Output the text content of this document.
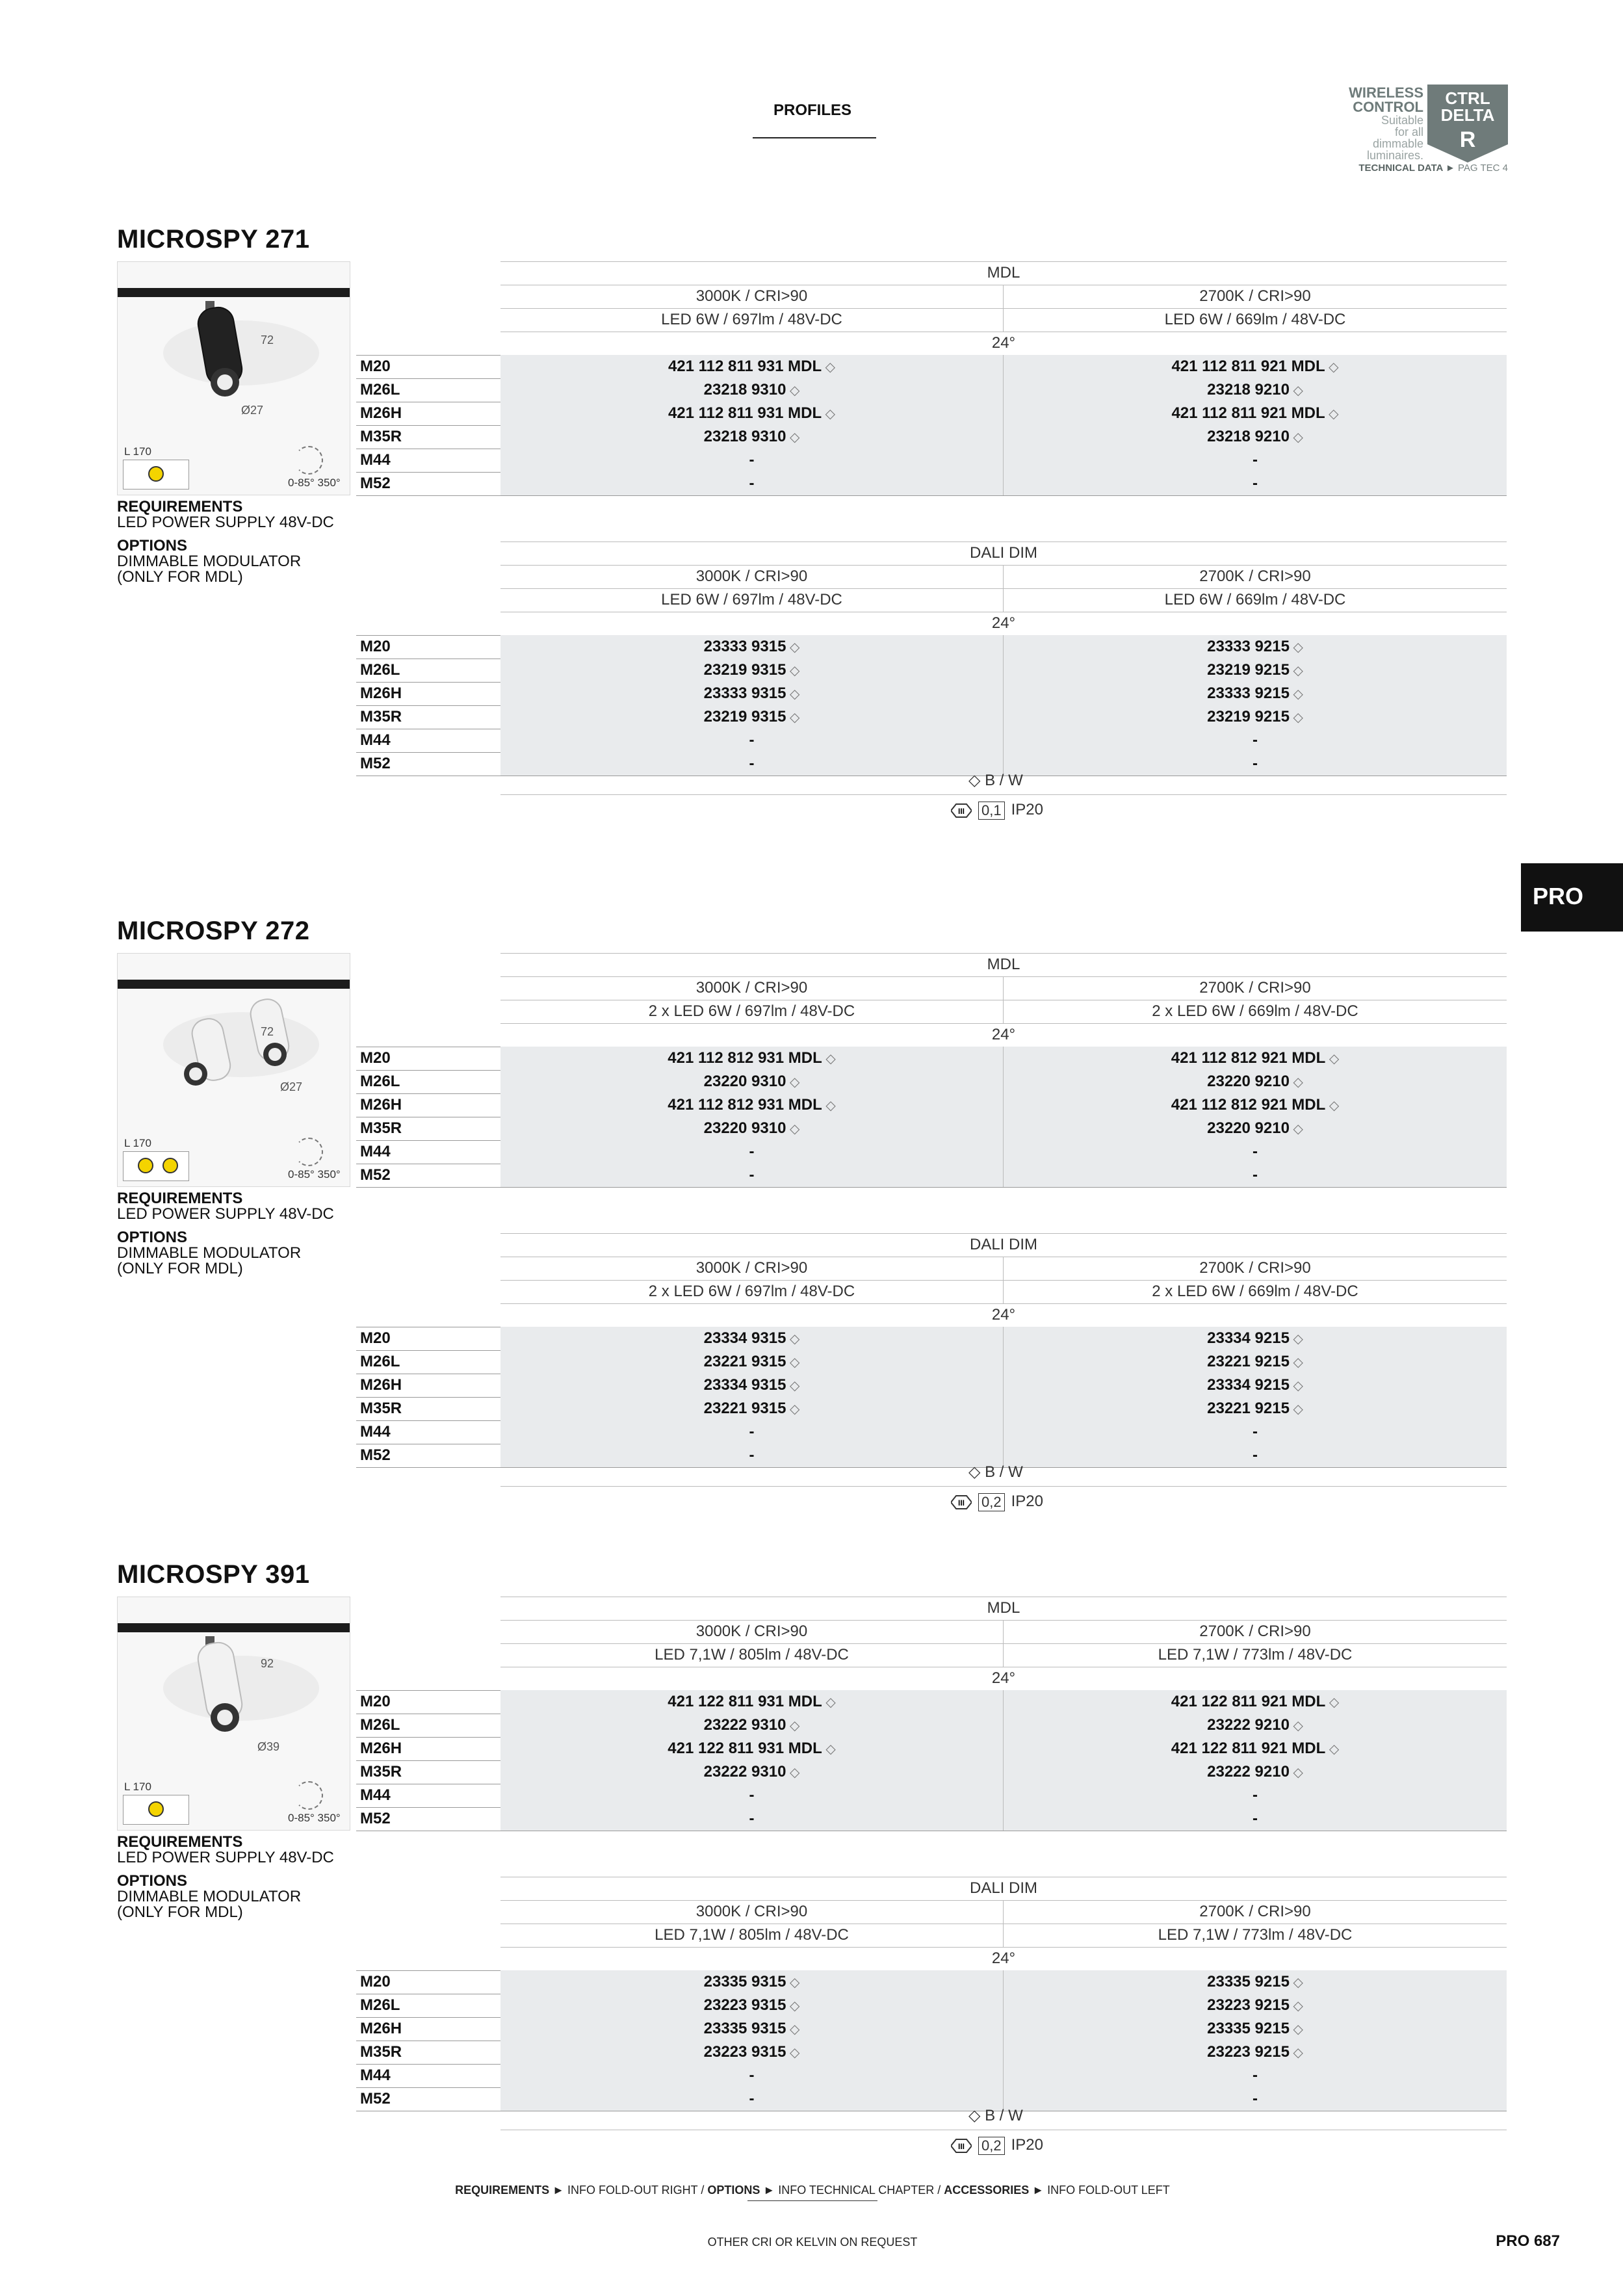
PROFILES
WIRELESS
CONTROL
Suitable
for all
dimmable
luminaires.
CTRL
DELTA
R
TECHNICAL DATA ► PAG TEC 4
PRO
MICROSPY 271
72
Ø27
L 170
0-85° 350°
REQUIREMENTS
LED POWER SUPPLY 48V-DC
OPTIONS
DIMMABLE MODULATOR
(ONLY FOR MDL)
MDL
3000K / CRI>90	2700K / CRI>90
LED 6W / 697lm / 48V-DC	LED 6W / 669lm / 48V-DC
24°
M20	421 112 811 931 MDL ◇	421 112 811 921 MDL ◇
M26L	23218 9310 ◇	23218 9210 ◇
M26H	421 112 811 931 MDL ◇	421 112 811 921 MDL ◇
M35R	23218 9310 ◇	23218 9210 ◇
M44	-	-
M52	-	-
DALI DIM
3000K / CRI>90	2700K / CRI>90
LED 6W / 697lm / 48V-DC	LED 6W / 669lm / 48V-DC
24°
M20	23333 9315 ◇	23333 9215 ◇
M26L	23219 9315 ◇	23219 9215 ◇
M26H	23333 9315 ◇	23333 9215 ◇
M35R	23219 9315 ◇	23219 9215 ◇
M44	-	-
M52	-	-
◇ B / W
III 0,1 IP20
MICROSPY 272
72
Ø27
L 170
0-85° 350°
REQUIREMENTS
LED POWER SUPPLY 48V-DC
OPTIONS
DIMMABLE MODULATOR
(ONLY FOR MDL)
MDL
3000K / CRI>90	2700K / CRI>90
2 x LED 6W / 697lm / 48V-DC	2 x LED 6W / 669lm / 48V-DC
24°
M20	421 112 812 931 MDL ◇	421 112 812 921 MDL ◇
M26L	23220 9310 ◇	23220 9210 ◇
M26H	421 112 812 931 MDL ◇	421 112 812 921 MDL ◇
M35R	23220 9310 ◇	23220 9210 ◇
M44	-	-
M52	-	-
DALI DIM
3000K / CRI>90	2700K / CRI>90
2 x LED 6W / 697lm / 48V-DC	2 x LED 6W / 669lm / 48V-DC
24°
M20	23334 9315 ◇	23334 9215 ◇
M26L	23221 9315 ◇	23221 9215 ◇
M26H	23334 9315 ◇	23334 9215 ◇
M35R	23221 9315 ◇	23221 9215 ◇
M44	-	-
M52	-	-
◇ B / W
III 0,2 IP20
MICROSPY 391
92
Ø39
L 170
0-85° 350°
REQUIREMENTS
LED POWER SUPPLY 48V-DC
OPTIONS
DIMMABLE MODULATOR
(ONLY FOR MDL)
MDL
3000K / CRI>90	2700K / CRI>90
LED 7,1W / 805lm / 48V-DC	LED 7,1W / 773lm / 48V-DC
24°
M20	421 122 811 931 MDL ◇	421 122 811 921 MDL ◇
M26L	23222 9310 ◇	23222 9210 ◇
M26H	421 122 811 931 MDL ◇	421 122 811 921 MDL ◇
M35R	23222 9310 ◇	23222 9210 ◇
M44	-	-
M52	-	-
DALI DIM
3000K / CRI>90	2700K / CRI>90
LED 7,1W / 805lm / 48V-DC	LED 7,1W / 773lm / 48V-DC
24°
M20	23335 9315 ◇	23335 9215 ◇
M26L	23223 9315 ◇	23223 9215 ◇
M26H	23335 9315 ◇	23335 9215 ◇
M35R	23223 9315 ◇	23223 9215 ◇
M44	-	-
M52	-	-
◇ B / W
III 0,2 IP20
REQUIREMENTS ► INFO FOLD-OUT RIGHT / OPTIONS ► INFO TECHNICAL CHAPTER / ACCESSORIES ► INFO FOLD-OUT LEFT
OTHER CRI OR KELVIN ON REQUEST	PRO 687
